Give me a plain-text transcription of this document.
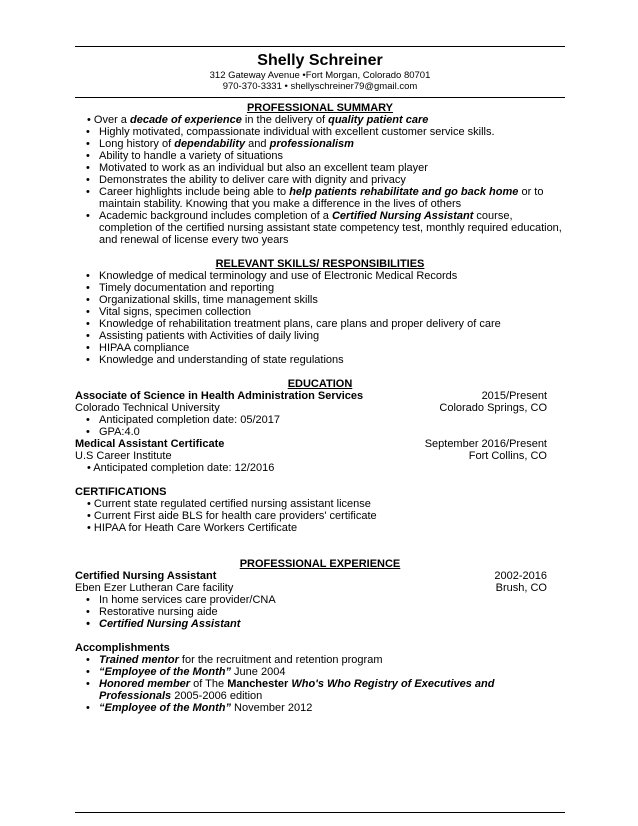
Shelly Schreiner
312 Gateway Avenue •Fort Morgan, Colorado 80701
970-370-3331 • shellyschreiner79@gmail.com

PROFESSIONAL SUMMARY

• Over a decade of experience in the delivery of quality patient care
• Highly motivated, compassionate individual with excellent customer service skills.
• Long history of dependability and professionalism
• Ability to handle a variety of situations
• Motivated to work as an individual but also an excellent team player
• Demonstrates the ability to deliver care with dignity and privacy
• Career highlights include being able to help patients rehabilitate and go back home or to maintain stability. Knowing that you make a difference in the lives of others
• Academic background includes completion of a Certified Nursing Assistant course, completion of the certified nursing assistant state competency test, monthly required education, and renewal of license every two years

RELEVANT SKILLS/ RESPONSIBILITIES

• Knowledge of medical terminology and use of Electronic Medical Records
• Timely documentation and reporting
• Organizational skills, time management skills
• Vital signs, specimen collection
• Knowledge of rehabilitation treatment plans, care plans and proper delivery of care
• Assisting patients with Activities of daily living
• HIPAA compliance
• Knowledge and understanding of state regulations

EDUCATION

Associate of Science in Health Administration Services	2015/Present
Colorado Technical University	Colorado Springs, CO
• Anticipated completion date: 05/2017
• GPA:4.0
Medical Assistant Certificate	September 2016/Present
U.S Career Institute	Fort Collins, CO
• Anticipated completion date: 12/2016

CERTIFICATIONS

• Current state regulated certified nursing assistant license
• Current First aide BLS for health care providers' certificate
• HIPAA for Heath Care Workers Certificate

PROFESSIONAL EXPERIENCE

Certified Nursing Assistant	2002-2016
Eben Ezer Lutheran Care facility	Brush, CO
• In home services care provider/CNA
• Restorative nursing aide
• Certified Nursing Assistant

Accomplishments

• Trained mentor for the recruitment and retention program
• “Employee of the Month” June 2004
• Honored member of The Manchester Who's Who Registry of Executives and Professionals 2005-2006 edition
• “Employee of the Month” November 2012
